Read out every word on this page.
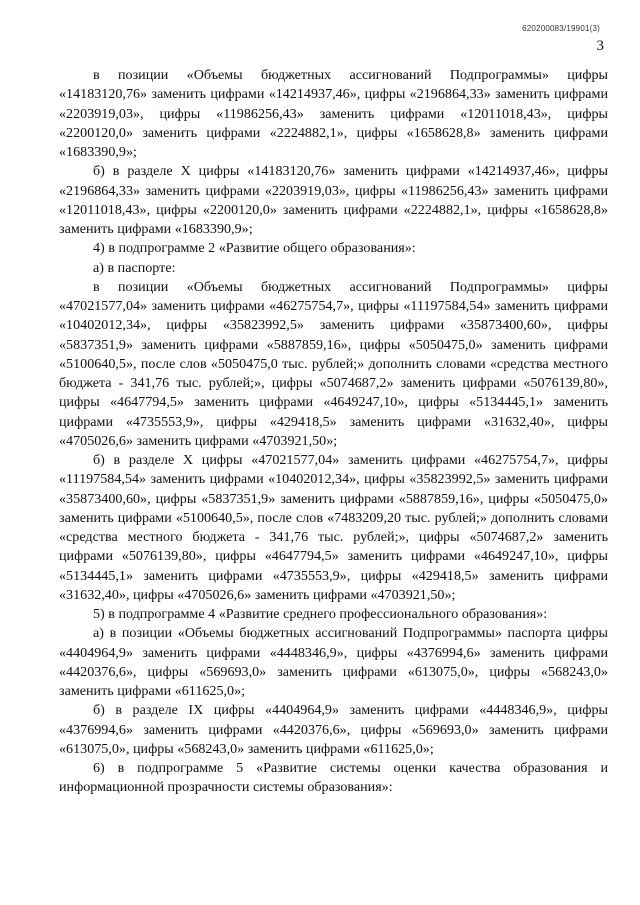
620200083/19901(3)
3

в позиции «Объемы бюджетных ассигнований Подпрограммы» цифры «14183120,76» заменить цифрами «14214937,46», цифры «2196864,33» заменить цифрами «2203919,03», цифры «11986256,43» заменить цифрами «12011018,43», цифры «2200120,0» заменить цифрами «2224882,1», цифры «1658628,8» заменить цифрами «1683390,9»;

б) в разделе X цифры «14183120,76» заменить цифрами «14214937,46», цифры «2196864,33» заменить цифрами «2203919,03», цифры «11986256,43» заменить цифрами «12011018,43», цифры «2200120,0» заменить цифрами «2224882,1», цифры «1658628,8» заменить цифрами «1683390,9»;

4) в подпрограмме 2 «Развитие общего образования»:

а) в паспорте:

в позиции «Объемы бюджетных ассигнований Подпрограммы» цифры «47021577,04» заменить цифрами «46275754,7», цифры «11197584,54» заменить цифрами «10402012,34», цифры «35823992,5» заменить цифрами «35873400,60», цифры «5837351,9» заменить цифрами «5887859,16», цифры «5050475,0» заменить цифрами «5100640,5», после слов «5050475,0 тыс. рублей;» дополнить словами «средства местного бюджета - 341,76 тыс. рублей;», цифры «5074687,2» заменить цифрами «5076139,80», цифры «4647794,5» заменить цифрами «4649247,10», цифры «5134445,1» заменить цифрами «4735553,9», цифры «429418,5» заменить цифрами «31632,40», цифры «4705026,6» заменить цифрами «4703921,50»;

б) в разделе X цифры «47021577,04» заменить цифрами «46275754,7», цифры «11197584,54» заменить цифрами «10402012,34», цифры «35823992,5» заменить цифрами «35873400,60», цифры «5837351,9» заменить цифрами «5887859,16», цифры «5050475,0» заменить цифрами «5100640,5», после слов «7483209,20 тыс. рублей;» дополнить словами «средства местного бюджета - 341,76 тыс. рублей;», цифры «5074687,2» заменить цифрами «5076139,80», цифры «4647794,5» заменить цифрами «4649247,10», цифры «5134445,1» заменить цифрами «4735553,9», цифры «429418,5» заменить цифрами «31632,40», цифры «4705026,6» заменить цифрами «4703921,50»;

5) в подпрограмме 4 «Развитие среднего профессионального образования»:

а) в позиции «Объемы бюджетных ассигнований Подпрограммы» паспорта цифры «4404964,9» заменить цифрами «4448346,9», цифры «4376994,6» заменить цифрами «4420376,6», цифры «569693,0» заменить цифрами «613075,0», цифры «568243,0» заменить цифрами «611625,0»;

б) в разделе IX цифры «4404964,9» заменить цифрами «4448346,9», цифры «4376994,6» заменить цифрами «4420376,6», цифры «569693,0» заменить цифрами «613075,0», цифры «568243,0» заменить цифрами «611625,0»;

6) в подпрограмме 5 «Развитие системы оценки качества образования и информационной прозрачности системы образования»:
